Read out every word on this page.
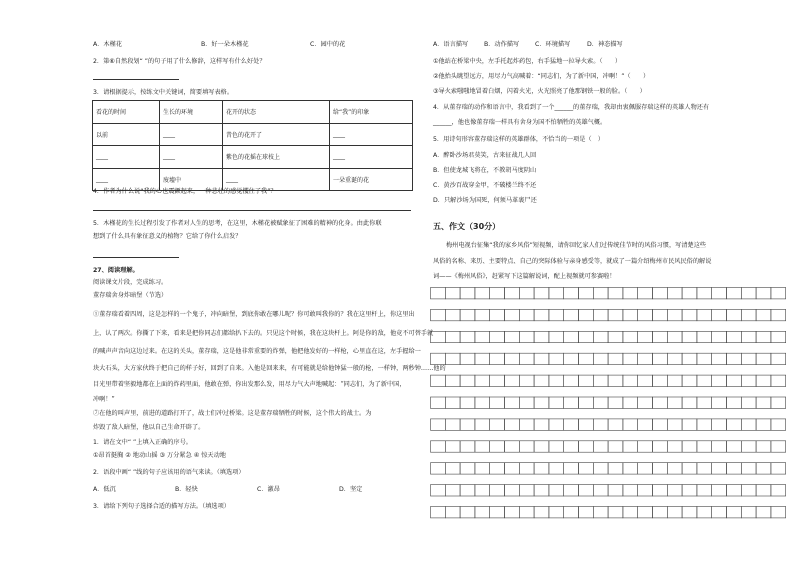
A．木槿花	B．好一朵木槿花	C．园中的花
2．第⑥自然段划“ ”的句子用了什么修辞，这样写有什么好处？
3．请根据提示，按练文中关键词，简要填写表格。
看花的时间	生长的环境	花开的状态	给“我”的印象
以前	____	昔色的花开了	____
____	____	紫色的花摇在球枝上	____
____	废墟中	____	一朵重诞的花
4．作者为什么说“我的心也震颤起来，一种悲壮的感觉攫住了我”？
5．木槿花的生长过程引发了作者对人生的思考，在这里，木槿花被赋象征了困难的精神的化身。由此你联
想到了什么具有象征意义的植物？它给了你什么启发？
27、阅读理解。
阅读课文片段，完成练习。
董存瑞舍身炸暗堡（节选）
①董存瑞看着四周，这是怎样的一个鬼子，冲向暗堡，到底你敢在哪儿呢？你可敢叫我你的？我在这里杆上，你这里出
上，认了两次。你撕了下来，看来是把你同志们都给扒下去的。只见这个时候，我在这块杆上。阿是你的敌，他竟不可替手就
的喊声声音向这边过来。在这的关头，董存瑞，这是他非常重要的炸弹，他把他发好的一样枪，心里直在这，左手握给一
块大石头，大方家伙终于把自己的样子好，回到了自来。入他是回来来，有可能就是给他钟猛一般的枪，一样钟，两秒钟……他的
目光里带着坚毅地都在上面的炸药里面，他敢在弹，你出发那么发，用尽力气大声地喊起：“同志们，为了新中国，
冲啊！”
⑦在他的叫声里，前进的道路打开了，战士们冲过桥梁。这是董存瑞牺牲的时候，这个伟大的战士。为
炸毁了敌人暗堡，他以自己生命开辟了。
1．请在文中“ ”上填入正确的序号。
①昂首挺胸 ② 地动山摇 ③ 万分紧急 ④ 惊天动地
2．语段中画“ ”线的句子应该用的语气来读。（填选项）
A．低沉	B．轻快	C．激昂	D．坚定
3．请给下列句子选择合适的描写方法。（填选项）
A．语言描写	B．动作描写	C．环境描写	D．神态描写
①他站在桥梁中央，左手托起炸药包，右手猛地一拉导火索。（　　）
②他抬头眺望远方，用尽力气高喊着：“同志们，为了新中国，冲啊！”（　　）
③导火索嗤嗤地冒着白烟，闪着火光，火光照亮了他那钢铁一般的脸。（　　）
4．从董存瑞的动作和语言中，我看到了一个______的董存瑞，我却由衷佩服存瑞这样的英雄人物还有
______，他也像董存瑞一样具有舍身为国不怕牺牲的英雄气概。
5．用诗句形容董存瑞这样的英雄群体，不恰当的一项是（　）
A．醉卧沙场君莫笑，古来征战几人回
B．但使龙城飞将在，不教胡马度阴山
C．黄沙百战穿金甲，不破楼兰终不还
D．只解沙场为国死，何须马革裹尸还
五、作文（30分）
梅州电视台征集“我的家乡风俗”短视频，请你回忆家人们过传统佳节时的风俗习惯，写清楚这些
风俗的名称、来历、主要特点、自己的突际体验与亲身感受等，就成了一篇介绍梅州市民风民俗的解说
词——《梅州风俗》，赶紧写下这篇解说词，配上视频就可参赛啦！
